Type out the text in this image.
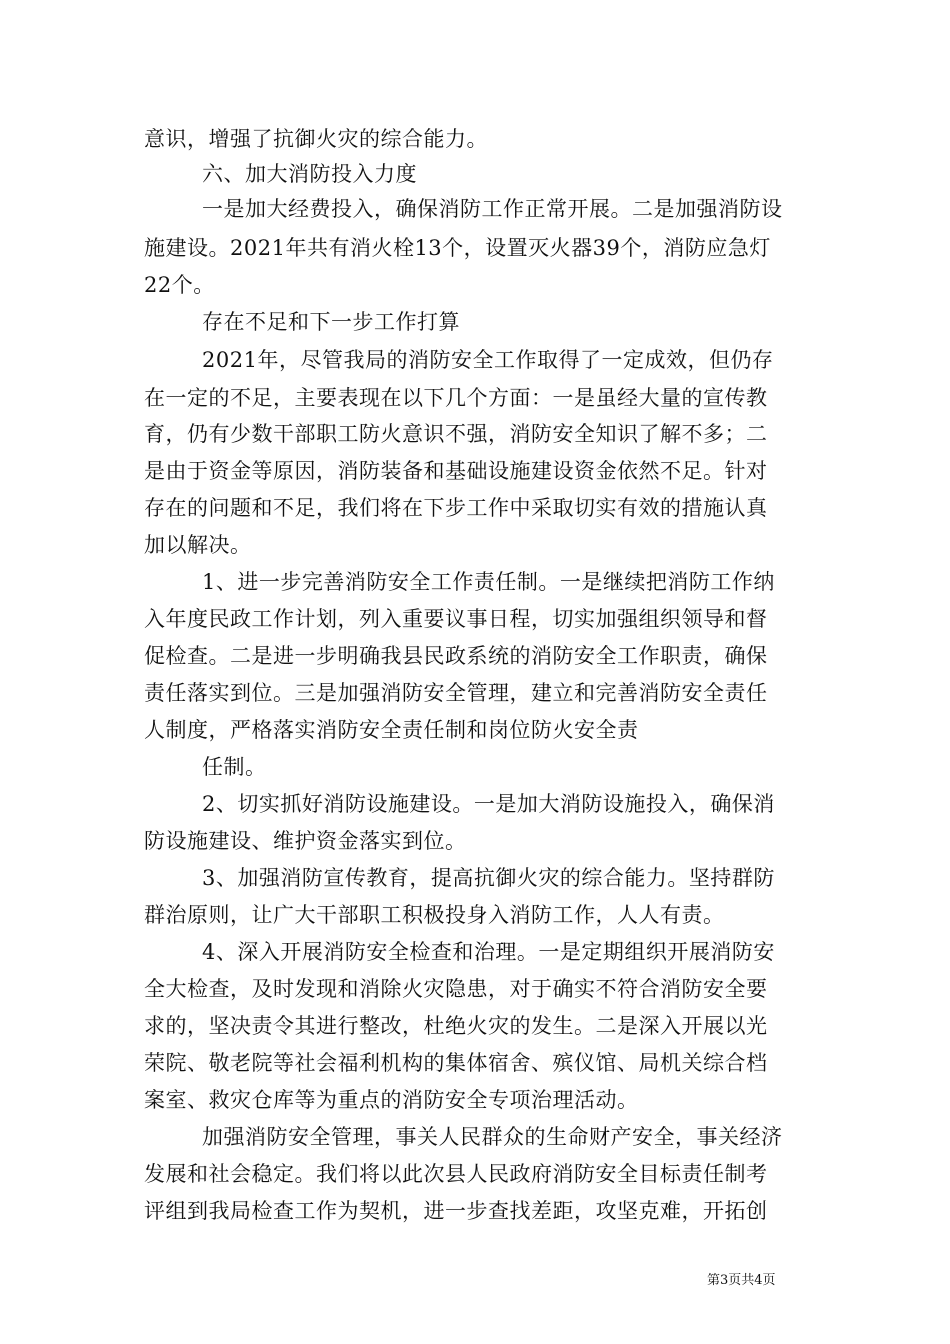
意识，增强了抗御火灾的综合能力。
六、加大消防投入力度
一是加大经费投入，确保消防工作正常开展。二是加强消防设
施建设。2021年共有消火栓13个，设置灭火器39个，消防应急灯
22个。
存在不足和下一步工作打算
2021年，尽管我局的消防安全工作取得了一定成效，但仍存
在一定的不足，主要表现在以下几个方面：一是虽经大量的宣传教
育，仍有少数干部职工防火意识不强，消防安全知识了解不多；二
是由于资金等原因，消防装备和基础设施建设资金依然不足。针对
存在的问题和不足，我们将在下步工作中采取切实有效的措施认真
加以解决。
1、进一步完善消防安全工作责任制。一是继续把消防工作纳
入年度民政工作计划，列入重要议事日程，切实加强组织领导和督
促检查。二是进一步明确我县民政系统的消防安全工作职责，确保
责任落实到位。三是加强消防安全管理，建立和完善消防安全责任
人制度，严格落实消防安全责任制和岗位防火安全责
任制。
2、切实抓好消防设施建设。一是加大消防设施投入，确保消
防设施建设、维护资金落实到位。
3、加强消防宣传教育，提高抗御火灾的综合能力。坚持群防
群治原则，让广大干部职工积极投身入消防工作，人人有责。
4、深入开展消防安全检查和治理。一是定期组织开展消防安
全大检查，及时发现和消除火灾隐患，对于确实不符合消防安全要
求的，坚决责令其进行整改，杜绝火灾的发生。二是深入开展以光
荣院、敬老院等社会福利机构的集体宿舍、殡仪馆、局机关综合档
案室、救灾仓库等为重点的消防安全专项治理活动。
加强消防安全管理，事关人民群众的生命财产安全，事关经济
发展和社会稳定。我们将以此次县人民政府消防安全目标责任制考
评组到我局检查工作为契机，进一步查找差距，攻坚克难，开拓创
第3页共4页
